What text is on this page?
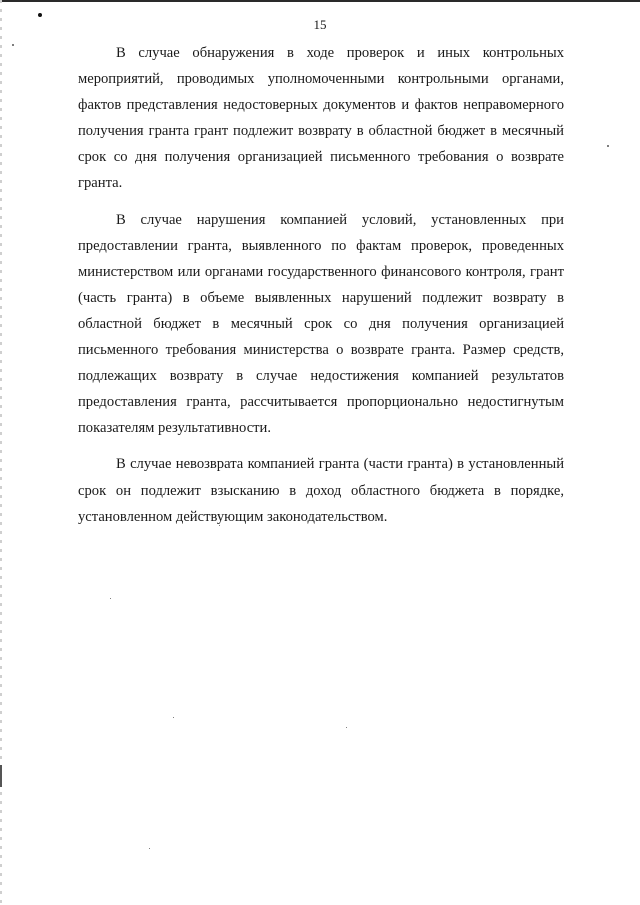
15

В случае обнаружения в ходе проверок и иных контрольных мероприятий, проводимых уполномоченными контрольными органами, фактов представления недостоверных документов и фактов неправомерного получения гранта грант подлежит возврату в областной бюджет в месячный срок со дня получения организацией письменного требования о возврате гранта.

В случае нарушения компанией условий, установленных при предоставлении гранта, выявленного по фактам проверок, проведенных министерством или органами государственного финансового контроля, грант (часть гранта) в объеме выявленных нарушений подлежит возврату в областной бюджет в месячный срок со дня получения организацией письменного требования министерства о возврате гранта. Размер средств, подлежащих возврату в случае недостижения компанией результатов предоставления гранта, рассчитывается пропорционально недостигнутым показателям результативности.

В случае невозврата компанией гранта (части гранта) в установленный срок он подлежит взысканию в доход областного бюджета в порядке, установленном действующим законодательством.
